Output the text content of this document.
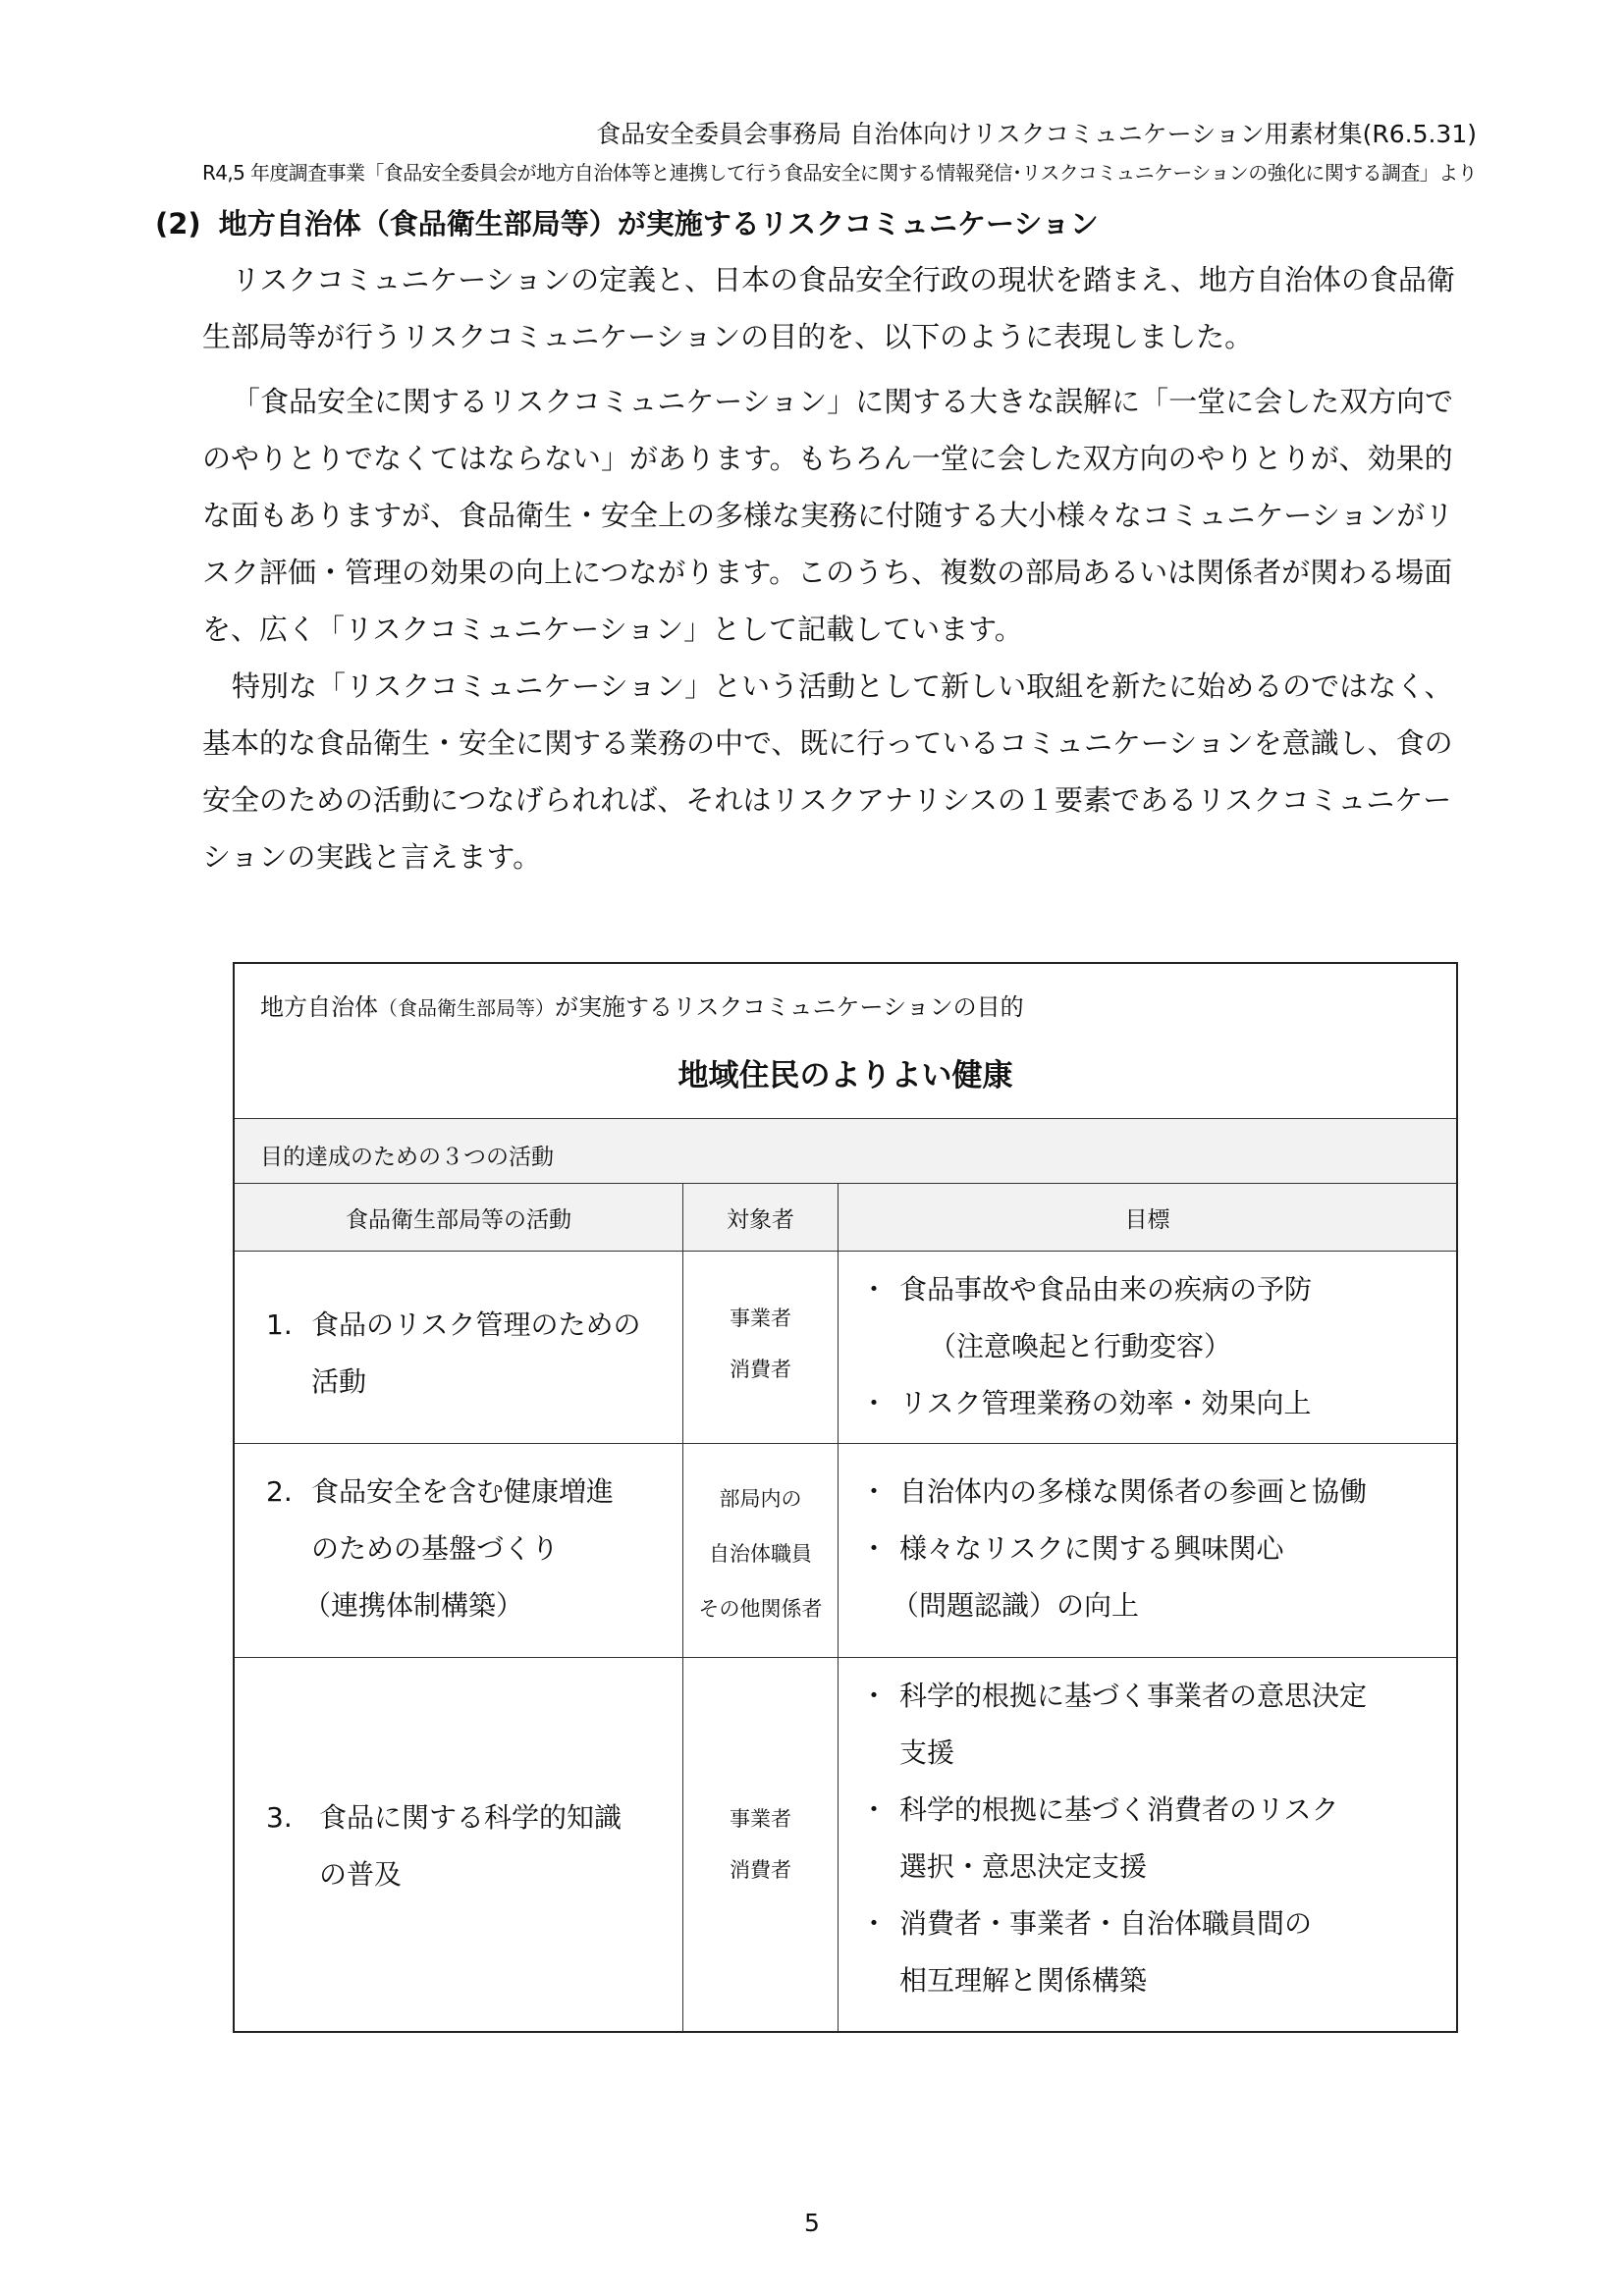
食品安全委員会事務局 自治体向けリスクコミュニケーション用素材集(R6.5.31)
R4,5 年度調査事業「食品安全委員会が地方自治体等と連携して行う食品安全に関する情報発信･リスクコミュニケーションの強化に関する調査」より
(2) 地方自治体（食品衛生部局等）が実施するリスクコミュニケーション
リスクコミュニケーションの定義と、日本の食品安全行政の現状を踏まえ、地方自治体の食品衛
生部局等が行うリスクコミュニケーションの目的を、以下のように表現しました。
「食品安全に関するリスクコミュニケーション」に関する大きな誤解に「一堂に会した双方向で
のやりとりでなくてはならない」があります。もちろん一堂に会した双方向のやりとりが、効果的
な面もありますが、食品衛生・安全上の多様な実務に付随する大小様々なコミュニケーションがリ
スク評価・管理の効果の向上につながります。このうち、複数の部局あるいは関係者が関わる場面
を、広く「リスクコミュニケーション」として記載しています。
特別な「リスクコミュニケーション」という活動として新しい取組を新たに始めるのではなく、
基本的な食品衛生・安全に関する業務の中で、既に行っているコミュニケーションを意識し、食の
安全のための活動につなげられれば、それはリスクアナリシスの１要素であるリスクコミュニケー
ションの実践と言えます。
地方自治体（食品衛生部局等）が実施するリスクコミュニケーションの目的
地域住民のよりよい健康
目的達成のための３つの活動
食品衛生部局等の活動	対象者	目標
1. 食品のリスク管理のための
活動
事業者
消費者
・ 食品事故や食品由来の疾病の予防
（注意喚起と行動変容）
・ リスク管理業務の効率・効果向上
2. 食品安全を含む健康増進
のための基盤づくり
（連携体制構築）
部局内の
自治体職員
その他関係者
・ 自治体内の多様な関係者の参画と協働
・ 様々なリスクに関する興味関心
（問題認識）の向上
3. 食品に関する科学的知識
の普及
事業者
消費者
・ 科学的根拠に基づく事業者の意思決定
支援
・ 科学的根拠に基づく消費者のリスク
選択・意思決定支援
・ 消費者・事業者・自治体職員間の
相互理解と関係構築
5
